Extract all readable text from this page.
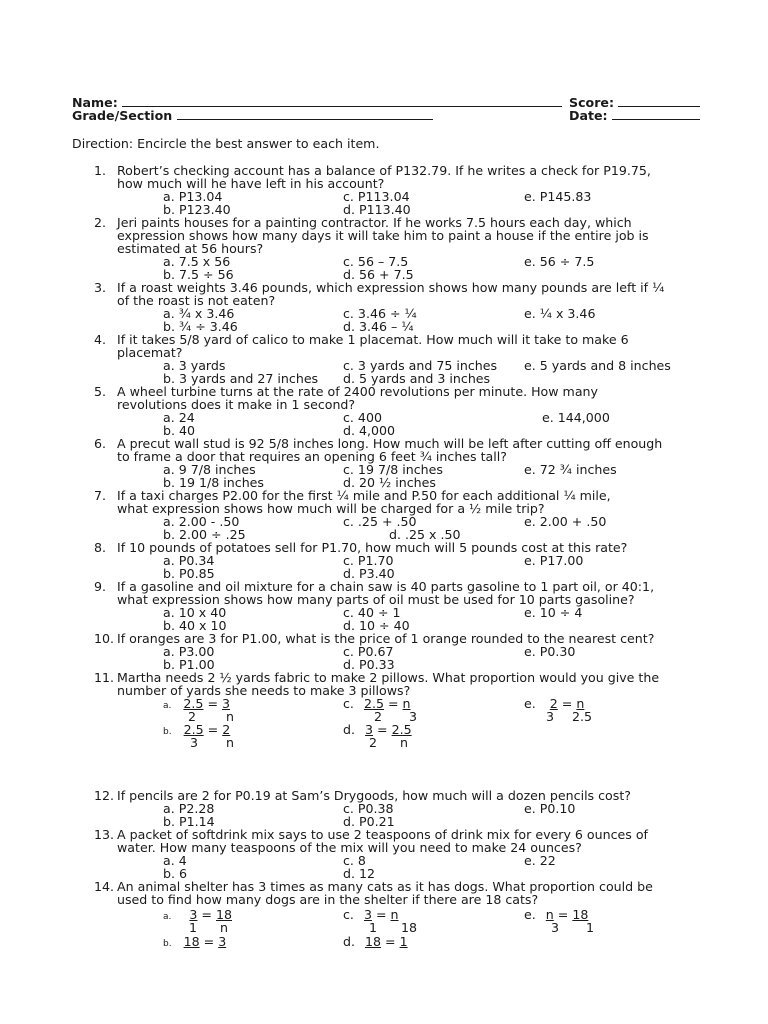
Name:	Score:
Grade/Section	Date:
Direction: Encircle the best answer to each item.
1. Robert’s checking account has a balance of P132.79. If he writes a check for P19.75,
how much will he have left in his account?
a. P13.04	c. P113.04	e. P145.83
b. P123.40	d. P113.40
2. Jeri paints houses for a painting contractor. If he works 7.5 hours each day, which
expression shows how many days it will take him to paint a house if the entire job is
estimated at 56 hours?
a. 7.5 x 56	c. 56 – 7.5	e. 56 ÷ 7.5
b. 7.5 ÷ 56	d. 56 + 7.5
3. If a roast weights 3.46 pounds, which expression shows how many pounds are left if ¼
of the roast is not eaten?
a. ¾ x 3.46	c. 3.46 ÷ ¼	e. ¼ x 3.46
b. ¾ ÷ 3.46	d. 3.46 – ¼
4. If it takes 5/8 yard of calico to make 1 placemat. How much will it take to make 6
placemat?
a. 3 yards	c. 3 yards and 75 inches e. 5 yards and 8 inches
b. 3 yards and 27 inches d. 5 yards and 3 inches
5. A wheel turbine turns at the rate of 2400 revolutions per minute. How many
revolutions does it make in 1 second?
a. 24	c. 400	e. 144,000
b. 40	d. 4,000
6. A precut wall stud is 92 5/8 inches long. How much will be left after cutting off enough
to frame a door that requires an opening 6 feet ¾ inches tall?
a. 9 7/8 inches	c. 19 7/8 inches	e. 72 ¾ inches
b. 19 1/8 inches	d. 20 ½ inches
7. If a taxi charges P2.00 for the first ¼ mile and P.50 for each additional ¼ mile,
what expression shows how much will be charged for a ½ mile trip?
a. 2.00 - .50	c. .25 + .50	e. 2.00 + .50
b. 2.00 ÷ .25	d. .25 x .50
8. If 10 pounds of potatoes sell for P1.70, how much will 5 pounds cost at this rate?
a. P0.34	c. P1.70	e. P17.00
b. P0.85	d. P3.40
9. If a gasoline and oil mixture for a chain saw is 40 parts gasoline to 1 part oil, or 40:1,
what expression shows how many parts of oil must be used for 10 parts gasoline?
a. 10 x 40	c. 40 ÷ 1	e. 10 ÷ 4
b. 40 x 10	d. 10 ÷ 40
10. If oranges are 3 for P1.00, what is the price of 1 orange rounded to the nearest cent?
a. P3.00	c. P0.67	e. P0.30
b. P1.00	d. P0.33
11. Martha needs 2 ½ yards fabric to make 2 pillows. What proportion would you give the
number of yards she needs to make 3 pillows?
a. 2.5 = 3
2 n
c. 2.5 = n
2 3
e. 2 = n
3 2.5
b. 2.5 = 2
3 n
d. 3 = 2.5
2 n
12. If pencils are 2 for P0.19 at Sam’s Drygoods, how much will a dozen pencils cost?
a. P2.28	c. P0.38	e. P0.10
b. P1.14	d. P0.21
13. A packet of softdrink mix says to use 2 teaspoons of drink mix for every 6 ounces of
water. How many teaspoons of the mix will you need to make 24 ounces?
a. 4	c. 8	e. 22
b. 6	d. 12
14. An animal shelter has 3 times as many cats as it has dogs. What proportion could be
used to find how many dogs are in the shelter if there are 18 cats?
a. 3 = 18
1 n
c. 3 = n
1 18
e. n = 18
3 1
b. 18 = 3	d. 18 = 1
